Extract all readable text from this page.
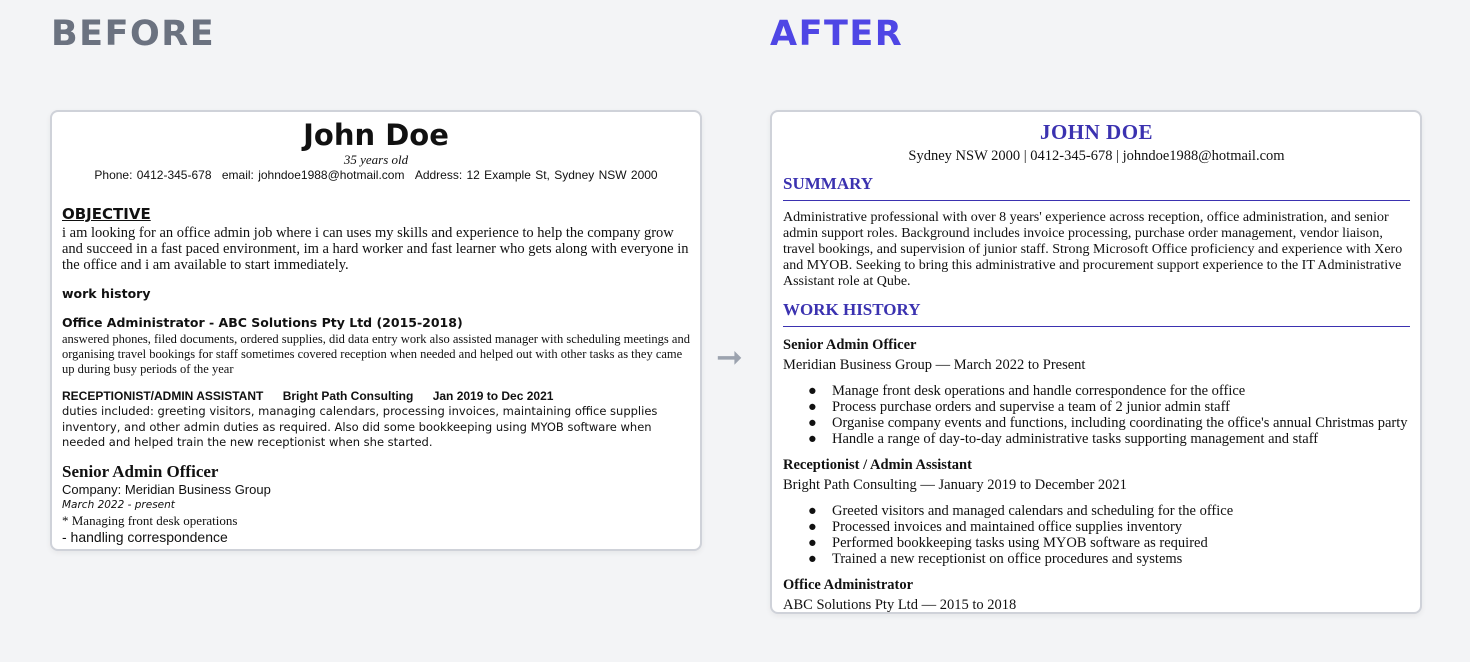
BEFORE	AFTER
John Doe
35 years old
Phone: 0412-345-678 email: johndoe1988@hotmail.com Address: 12 Example St, Sydney NSW 2000
OBJECTIVE
i am looking for an office admin job where i can uses my skills and experience to help the company grow and succeed in a fast paced environment, im a hard worker and fast learner who gets along with everyone in the office and i am available to start immediately.
work history
Office Administrator - ABC Solutions Pty Ltd (2015-2018)
answered phones, filed documents, ordered supplies, did data entry work also assisted manager with scheduling meetings and organising travel bookings for staff sometimes covered reception when needed and helped out with other tasks as they came up during busy periods of the year
RECEPTIONIST/ADMIN ASSISTANT Bright Path Consulting Jan 2019 to Dec 2021
duties included: greeting visitors, managing calendars, processing invoices, maintaining office supplies inventory, and other admin duties as required. Also did some bookkeeping using MYOB software when needed and helped train the new receptionist when she started.
Senior Admin Officer
Company: Meridian Business Group
March 2022 - present
* Managing front desk operations
- handling correspondence
➞
JOHN DOE
Sydney NSW 2000 | 0412-345-678 | johndoe1988@hotmail.com
SUMMARY
Administrative professional with over 8 years' experience across reception, office administration, and senior admin support roles. Background includes invoice processing, purchase order management, vendor liaison, travel bookings, and supervision of junior staff. Strong Microsoft Office proficiency and experience with Xero and MYOB. Seeking to bring this administrative and procurement support experience to the IT Administrative Assistant role at Qube.
WORK HISTORY
Senior Admin Officer
Meridian Business Group — March 2022 to Present
● Manage front desk operations and handle correspondence for the office
● Process purchase orders and supervise a team of 2 junior admin staff
● Organise company events and functions, including coordinating the office's annual Christmas party
● Handle a range of day-to-day administrative tasks supporting management and staff
Receptionist / Admin Assistant
Bright Path Consulting — January 2019 to December 2021
● Greeted visitors and managed calendars and scheduling for the office
● Processed invoices and maintained office supplies inventory
● Performed bookkeeping tasks using MYOB software as required
● Trained a new receptionist on office procedures and systems
Office Administrator
ABC Solutions Pty Ltd — 2015 to 2018
